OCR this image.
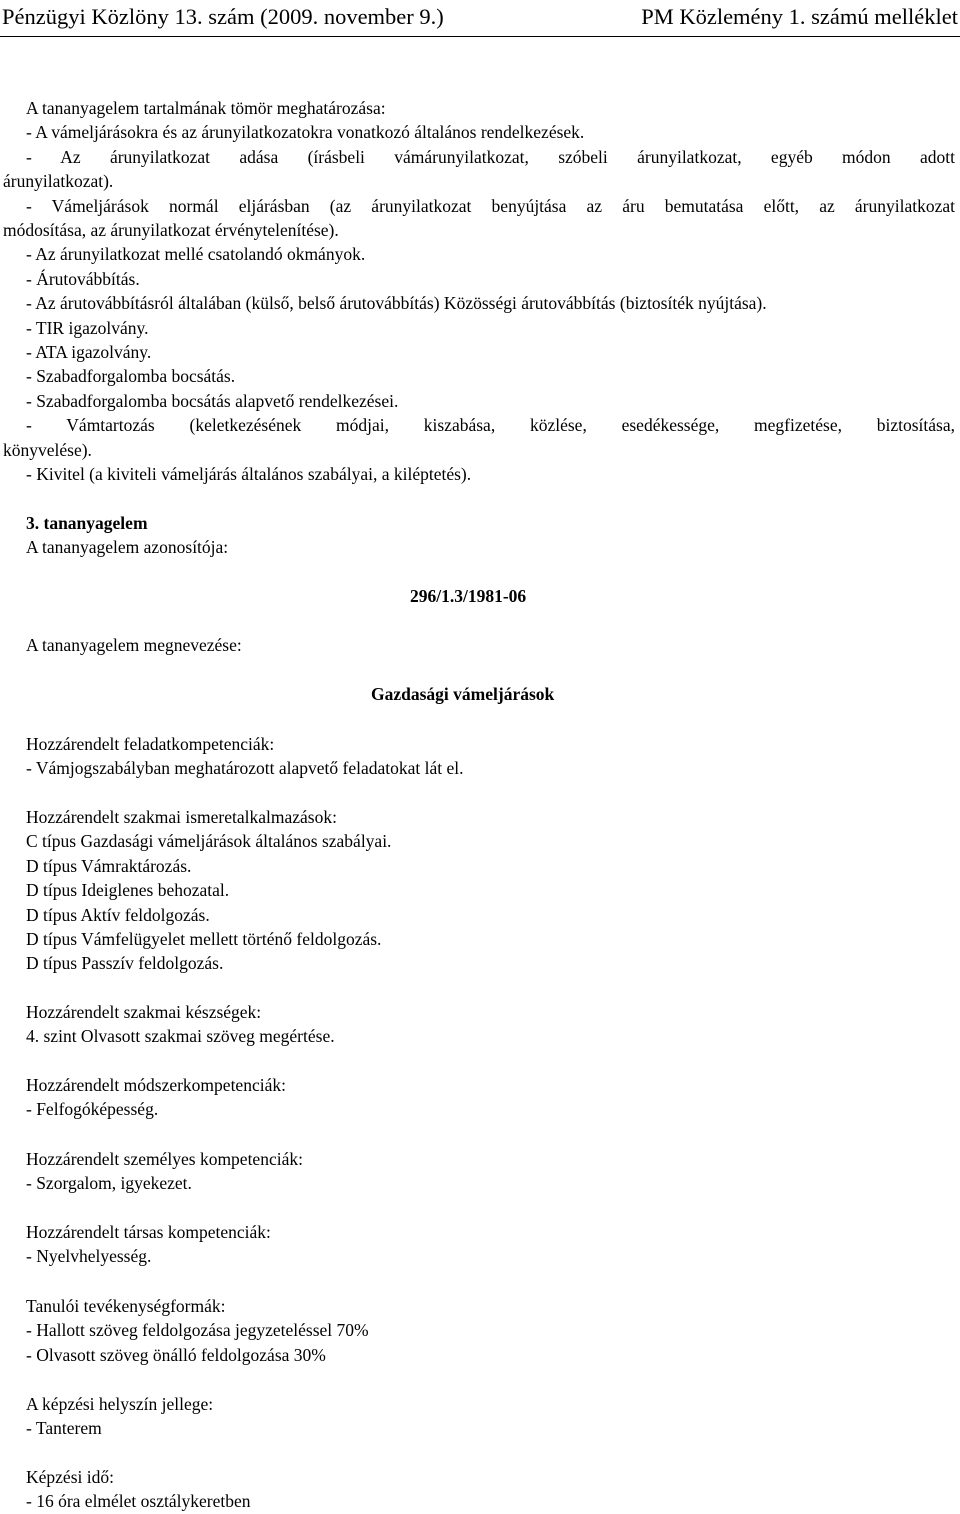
Pénzügyi Közlöny 13. szám (2009. november 9.)	PM Közlemény 1. számú melléklet
A tananyagelem tartalmának tömör meghatározása:
- A vámeljárásokra és az árunyilatkozatokra vonatkozó általános rendelkezések.
- Az árunyilatkozat adása (írásbeli vámárunyilatkozat, szóbeli árunyilatkozat, egyéb módon adott
árunyilatkozat).
- Vámeljárások normál eljárásban (az árunyilatkozat benyújtása az áru bemutatása előtt, az árunyilatkozat
módosítása, az árunyilatkozat érvénytelenítése).
- Az árunyilatkozat mellé csatolandó okmányok.
- Árutovábbítás.
- Az árutovábbításról általában (külső, belső árutovábbítás) Közösségi árutovábbítás (biztosíték nyújtása).
- TIR igazolvány.
- ATA igazolvány.
- Szabadforgalomba bocsátás.
- Szabadforgalomba bocsátás alapvető rendelkezései.
- Vámtartozás (keletkezésének módjai, kiszabása, közlése, esedékessége, megfizetése, biztosítása,
könyvelése).
- Kivitel (a kiviteli vámeljárás általános szabályai, a kiléptetés).
3. tananyagelem
A tananyagelem azonosítója:
296/1.3/1981-06
A tananyagelem megnevezése:
Gazdasági vámeljárások
Hozzárendelt feladatkompetenciák:
- Vámjogszabályban meghatározott alapvető feladatokat lát el.
Hozzárendelt szakmai ismeretalkalmazások:
C típus Gazdasági vámeljárások általános szabályai.
D típus Vámraktározás.
D típus Ideiglenes behozatal.
D típus Aktív feldolgozás.
D típus Vámfelügyelet mellett történő feldolgozás.
D típus Passzív feldolgozás.
Hozzárendelt szakmai készségek:
4. szint Olvasott szakmai szöveg megértése.
Hozzárendelt módszerkompetenciák:
- Felfogóképesség.
Hozzárendelt személyes kompetenciák:
- Szorgalom, igyekezet.
Hozzárendelt társas kompetenciák:
- Nyelvhelyesség.
Tanulói tevékenységformák:
- Hallott szöveg feldolgozása jegyzeteléssel 70%
- Olvasott szöveg önálló feldolgozása 30%
A képzési helyszín jellege:
- Tanterem
Képzési idő:
- 16 óra elmélet osztálykeretben
